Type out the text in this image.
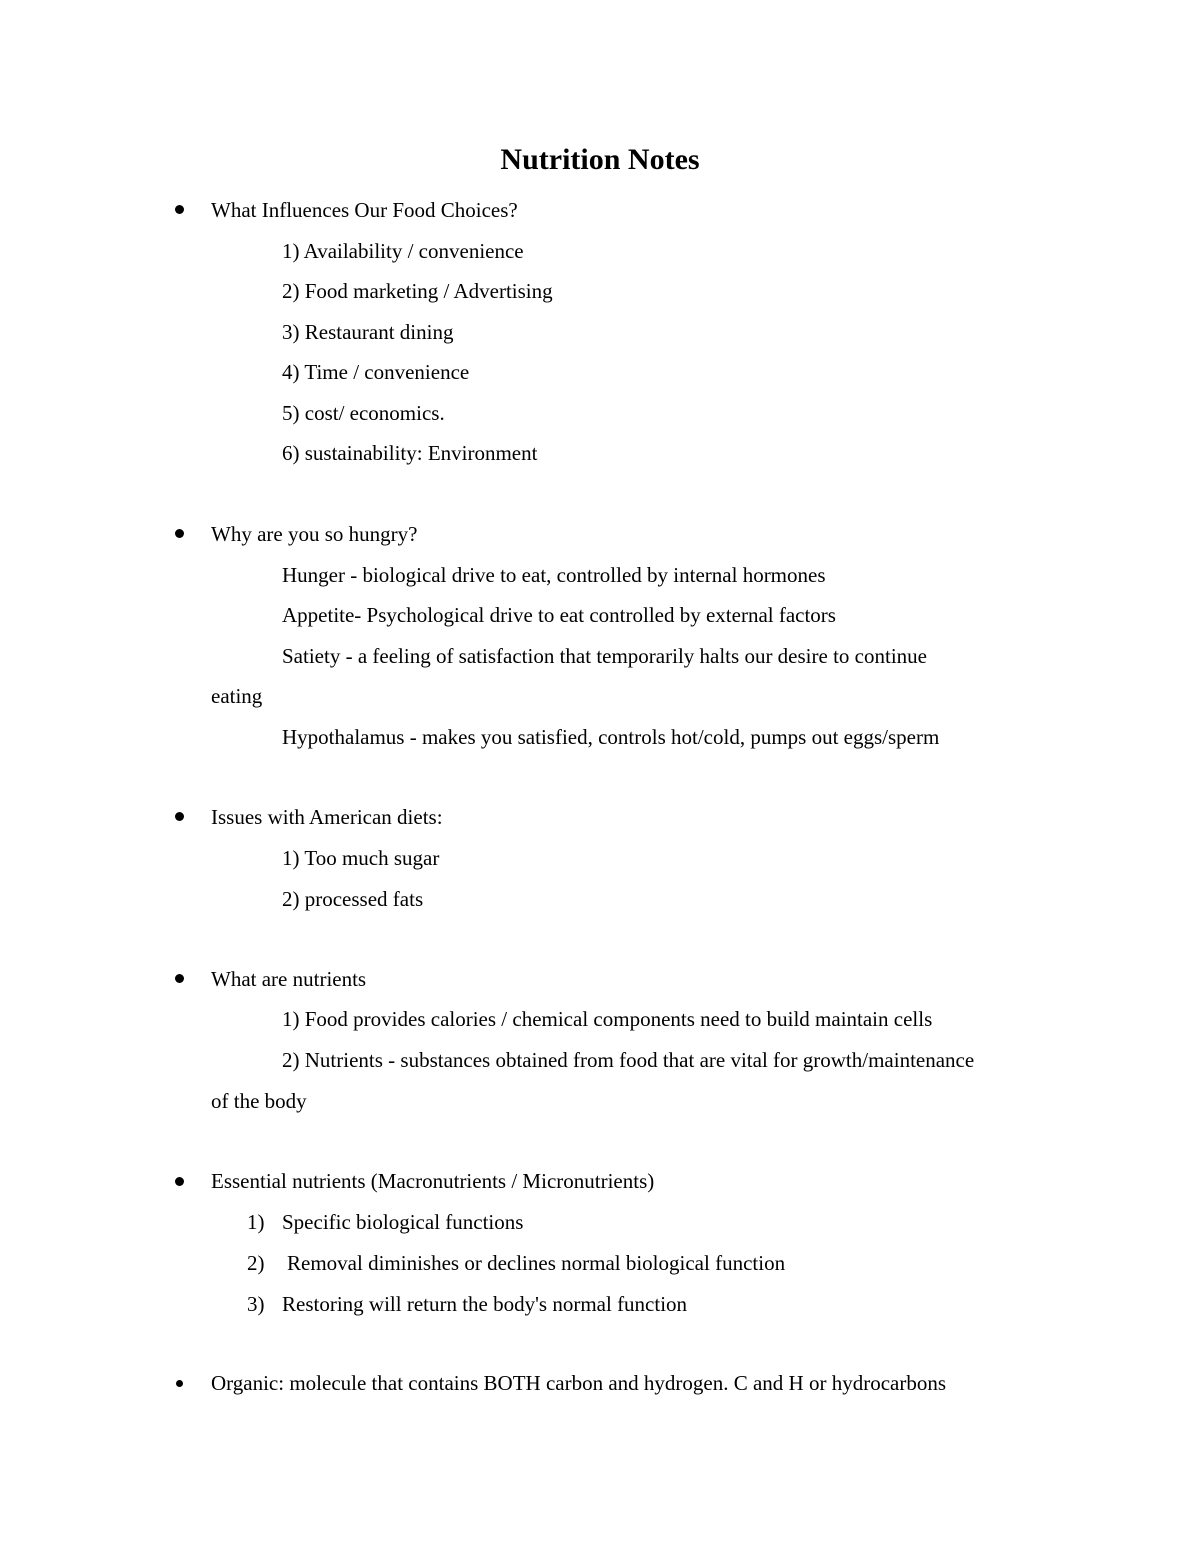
Nutrition Notes
What Influences Our Food Choices?
1) Availability / convenience
2) Food marketing / Advertising
3) Restaurant dining
4) Time / convenience
5) cost/ economics.
6) sustainability: Environment
Why are you so hungry?
Hunger - biological drive to eat, controlled by internal hormones
Appetite- Psychological drive to eat controlled by external factors
Satiety - a feeling of satisfaction that temporarily halts our desire to continue
eating
Hypothalamus - makes you satisfied, controls hot/cold, pumps out eggs/sperm
Issues with American diets:
1) Too much sugar
2) processed fats
What are nutrients
1) Food provides calories / chemical components need to build maintain cells
2) Nutrients - substances obtained from food that are vital for growth/maintenance
of the body
Essential nutrients (Macronutrients / Micronutrients)
1) Specific biological functions
2) Removal diminishes or declines normal biological function
3) Restoring will return the body's normal function
Organic: molecule that contains BOTH carbon and hydrogen. C and H or hydrocarbons
